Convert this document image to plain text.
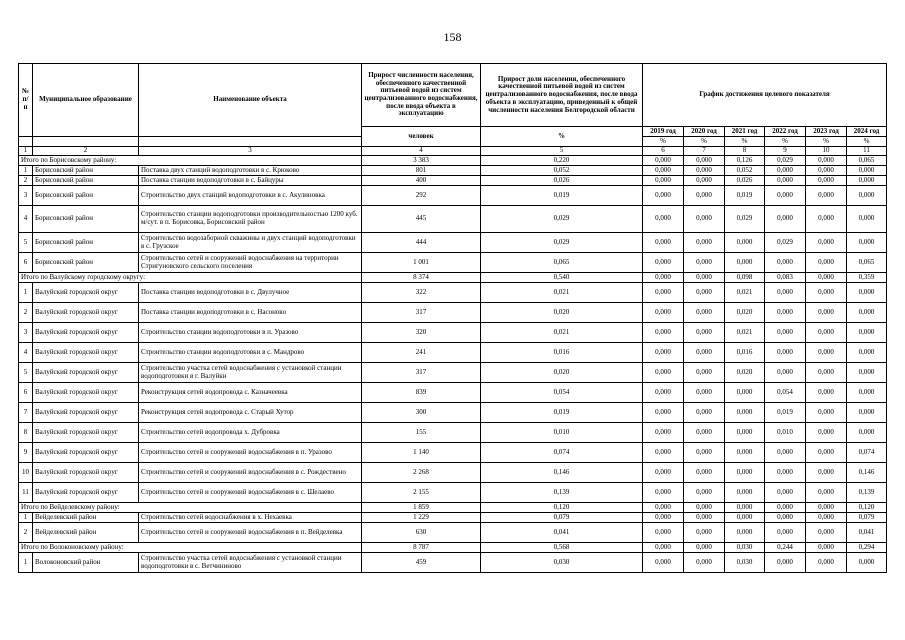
158
№ п/п	Муниципальное образование	Наименование объекта	Прирост численности населения, обеспеченного качественной питьевой водой из систем централизованного водоснабжения, после ввода объекта в эксплуатацию	Прирост доли населения, обеспеченного качественной питьевой водой из систем централизованного водоснабжения, после ввода объекта в эксплуатацию, приведенный к общей численности населения Белгородской области	График достижения целевого показателя					
			человек	%	2019 год	2020 год	2021 год	2022 год	2023 год	2024 год
					%	%	%	%	%	%
1	2	3	4	5	6	7	8	9	10	11
Итого по Борисовскому району:			3 383	0,220	0,000	0,000	0,126	0,029	0,000	0,065
1	Борисовский район	Поставка двух станций водоподготовки в с. Крюково	801	0,052	0,000	0,000	0,052	0,000	0,000	0,000
2	Борисовский район	Поставка станции водоподготовки в с. Байцуры	400	0,026	0,000	0,000	0,026	0,000	0,000	0,000
3	Борисовский район	Строительство двух станций водоподготовки в с. Акулиновка	292	0,019	0,000	0,000	0,019	0,000	0,000	0,000
4	Борисовский район	Строительство станции водоподготовки производительностью 1200 куб. м/сут. в п. Борисовка, Борисовский район	445	0,029	0,000	0,000	0,029	0,000	0,000	0,000
5	Борисовский район	Строительство водозаборной скважины и двух станций водоподготовки в с. Грузское	444	0,029	0,000	0,000	0,000	0,029	0,000	0,000
6	Борисовский район	Строительство сетей и сооружений водоснабжения на территории Стригуновского сельского поселения	1 001	0,065	0,000	0,000	0,000	0,000	0,000	0,065
Итого по Валуйскому городскому округу:			8 374	0,540	0,000	0,000	0,098	0,083	0,000	0,359
1	Валуйский городской округ	Поставка станции водоподготовки в с. Двулучное	322	0,021	0,000	0,000	0,021	0,000	0,000	0,000
2	Валуйский городской округ	Поставка станции водоподготовки в с. Насоново	317	0,020	0,000	0,000	0,020	0,000	0,000	0,000
3	Валуйский городской округ	Строительство станции водоподготовки в п. Уразово	320	0,021	0,000	0,000	0,021	0,000	0,000	0,000
4	Валуйский городской округ	Строительство станции водоподготовки в с. Мандрово	241	0,016	0,000	0,000	0,016	0,000	0,000	0,000
5	Валуйский городской округ	Строительство участка сетей водоснабжения с установкой станции водоподготовки в г. Валуйки	317	0,020	0,000	0,000	0,020	0,000	0,000	0,000
6	Валуйский городской округ	Реконструкция сетей водопровода с. Казначеевка	839	0,054	0,000	0,000	0,000	0,054	0,000	0,000
7	Валуйский городской округ	Реконструкция сетей водопровода с. Старый Хутор	300	0,019	0,000	0,000	0,000	0,019	0,000	0,000
8	Валуйский городской округ	Строительство сетей водопровода х. Дубровка	155	0,010	0,000	0,000	0,000	0,010	0,000	0,000
9	Валуйский городской округ	Строительство сетей и сооружений водоснабжения в п. Уразово	1 140	0,074	0,000	0,000	0,000	0,000	0,000	0,074
10	Валуйский городской округ	Строительство сетей и сооружений водоснабжения в с. Рождествено	2 268	0,146	0,000	0,000	0,000	0,000	0,000	0,146
11	Валуйский городской округ	Строительство сетей и сооружений водоснабжения в с. Шелаево	2 155	0,139	0,000	0,000	0,000	0,000	0,000	0,139
Итого по Вейделевскому району:			1 859	0,120	0,000	0,000	0,000	0,000	0,000	0,120
1	Вейделевский район	Строительство сетей водоснабжения в х. Нехаевка	1 229	0,079	0,000	0,000	0,000	0,000	0,000	0,079
2	Вейделевский район	Строительство сетей и сооружений водоснабжения в п. Вейделевка	630	0,041	0,000	0,000	0,000	0,000	0,000	0,041
Итого по Волоконовскому району:			8 787	0,568	0,000	0,000	0,030	0,244	0,000	0,294
1	Волоконовский район	Строительство участка сетей водоснабжения с установкой станции водоподготовки в с. Ветчининово	459	0,030	0,000	0,000	0,030	0,000	0,000	0,000
